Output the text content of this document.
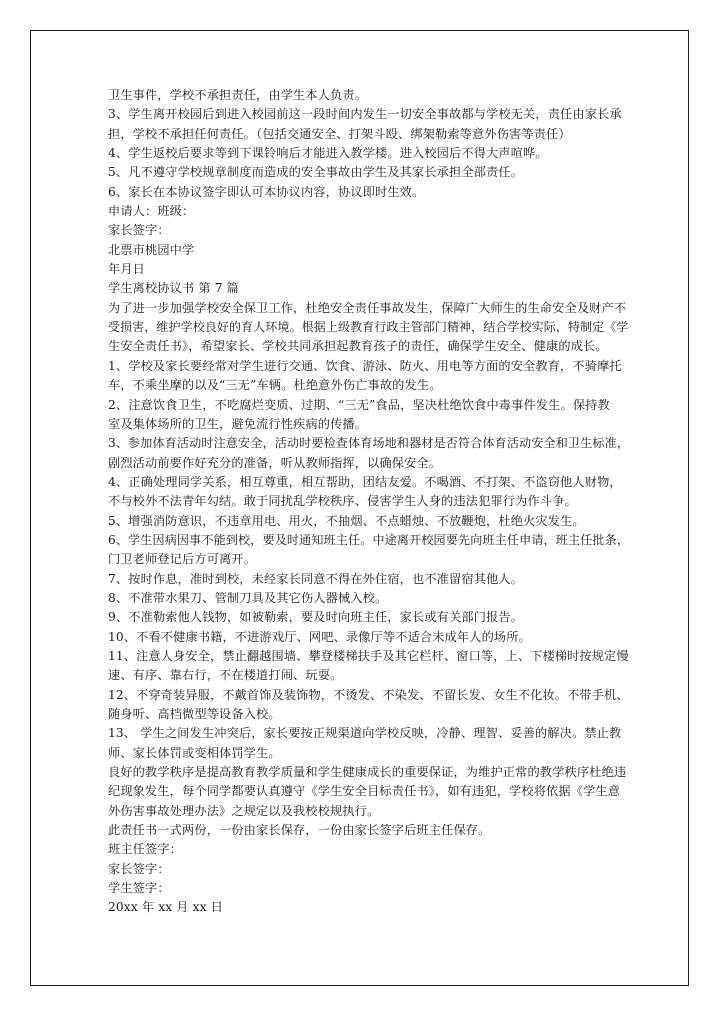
卫生事件，学校不承担责任，由学生本人负责。
3、学生离开校园后到进入校园前这一段时间内发生一切安全事故都与学校无关，责任由家长承
担，学校不承担任何责任。（包括交通安全、打架斗殴、绑架勒索等意外伤害等责任）
4、学生返校后要求等到下课铃响后才能进入教学楼。进入校园后不得大声喧哗。
5、凡不遵守学校规章制度而造成的安全事故由学生及其家长承担全部责任。
6、家长在本协议签字即认可本协议内容，协议即时生效。
申请人：班级：
家长签字：
北票市桃园中学
年月日
学生离校协议书 第 7 篇
为了进一步加强学校安全保卫工作，杜绝安全责任事故发生，保障广大师生的生命安全及财产不
受损害，维护学校良好的育人环境。根据上级教育行政主管部门精神，结合学校实际，特制定《学
生安全责任书》，希望家长、学校共同承担起教育孩子的责任，确保学生安全、健康的成长。
1、学校及家长要经常对学生进行交通、饮食、游泳、防火、用电等方面的安全教育，不骑摩托
车，不乘坐摩的以及“三无”车辆。杜绝意外伤亡事故的发生。
2、注意饮食卫生，不吃腐烂变质、过期、“三无”食品，坚决杜绝饮食中毒事件发生。保持教
室及集体场所的卫生，避免流行性疾病的传播。
3、参加体育活动时注意安全，活动时要检查体育场地和器材是否符合体育活动安全和卫生标准，
剧烈活动前要作好充分的准备，听从教师指挥，以确保安全。
4、正确处理同学关系，相互尊重，相互帮助，团结友爱。不喝酒、不打架、不盗窃他人财物，
不与校外不法青年勾结。敢于同扰乱学校秩序、侵害学生人身的违法犯罪行为作斗争。
5、增强消防意识，不违章用电、用火，不抽烟、不点蜡烛、不放鞭炮，杜绝火灾发生。
6、学生因病因事不能到校，要及时通知班主任。中途离开校园要先向班主任申请，班主任批条，
门卫老师登记后方可离开。
7、按时作息，准时到校，未经家长同意不得在外住宿，也不准留宿其他人。
8、不准带水果刀、管制刀具及其它伤人器械入校。
9、不准勒索他人钱物，如被勒索，要及时向班主任，家长或有关部门报告。
10、不看不健康书籍，不进游戏厅、网吧、录像厅等不适合未成年人的场所。
11、注意人身安全，禁止翻越围墙、攀登楼梯扶手及其它栏杆、窗口等，上、下楼梯时按规定慢
速、有序、靠右行，不在楼道打闹、玩耍。
12、不穿奇装异服，不戴首饰及装饰物，不烫发、不染发、不留长发、女生不化妆。不带手机、
随身听、高档微型等设备入校。
13、 学生之间发生冲突后，家长要按正规渠道向学校反映，冷静、理智、妥善的解决。禁止教
师、家长体罚或变相体罚学生。
良好的教学秩序是提高教育教学质量和学生健康成长的重要保证，为维护正常的教学秩序杜绝违
纪现象发生，每个同学都要认真遵守《学生安全目标责任书》，如有违犯，学校将依据《学生意
外伤害事故处理办法》之规定以及我校校规执行。
此责任书一式两份，一份由家长保存，一份由家长签字后班主任保存。
班主任签字：
家长签字：
学生签字：
20xx 年 xx 月 xx 日
